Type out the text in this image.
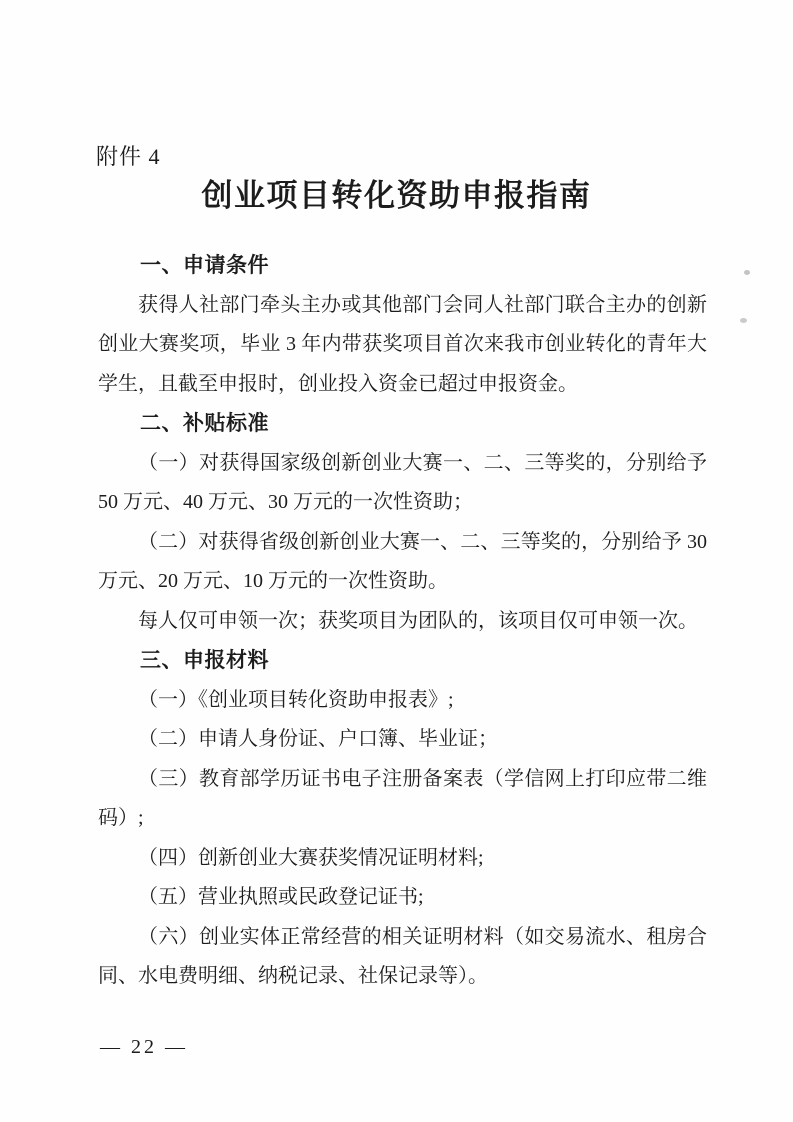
附件 4
创业项目转化资助申报指南
一、申请条件

获得人社部门牵头主办或其他部门会同人社部门联合主办的创新创业大赛奖项，毕业 3 年内带获奖项目首次来我市创业转化的青年大学生，且截至申报时，创业投入资金已超过申报资金。

二、补贴标准

（一）对获得国家级创新创业大赛一、二、三等奖的，分别给予 50 万元、40 万元、30 万元的一次性资助；

（二）对获得省级创新创业大赛一、二、三等奖的，分别给予 30 万元、20 万元、10 万元的一次性资助。

每人仅可申领一次；获奖项目为团队的，该项目仅可申领一次。

三、申报材料

（一）《创业项目转化资助申报表》;

（二）申请人身份证、户口簿、毕业证；

（三）教育部学历证书电子注册备案表（学信网上打印应带二维码）;

（四）创新创业大赛获奖情况证明材料;

（五）营业执照或民政登记证书;

（六）创业实体正常经营的相关证明材料（如交易流水、租房合同、水电费明细、纳税记录、社保记录等）。

— 22 —
